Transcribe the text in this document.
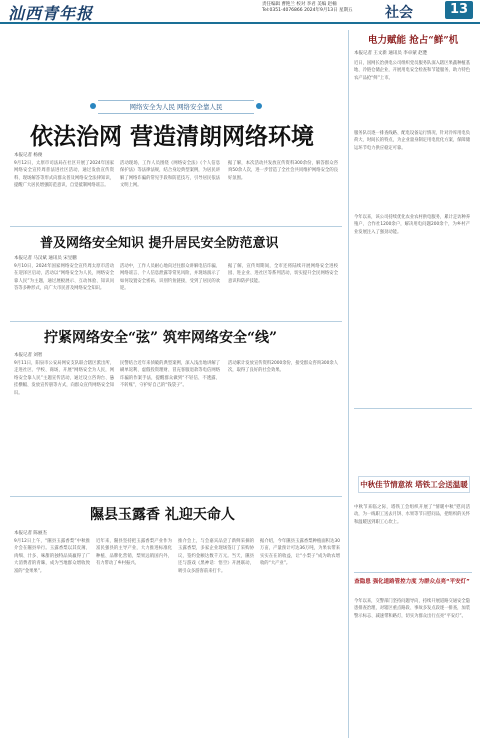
汕西青年报	责任编辑 曹艳兰 校对 李君 美编 赵楠
Tel:0351-4076866 2024年9月13日 星期五	社会	13
网络安全为人民 网络安全靠人民
依法治网 营造清朗网络环境
本报记者 杨俊
9月12日，太原市司法局在社区开展了2024年国家网络安全宣传周普法进社区活动，通过发放宣传资料、现场解答等形式向群众普及网络安全法律知识，提醒广大居民增强防范意识，自觉抵制网络谣言。
活动现场，工作人员围绕《网络安全法》《个人信息保护法》等法律法规，结合身边典型案例，为居民讲解了网络诈骗的常见手段和防范技巧，引导居民依法文明上网。
据了解，本次活动共发放宣传资料300余份，解答群众咨询50余人次，进一步营造了全社会共同维护网络安全的良好氛围。
普及网络安全知识 提升居民安全防范意识
本报记者 马汉斌 通讯员 宋昱鹏
9月10日，2024年国家网络安全宣传周太原市活动在迎泽区启动，活动以“网络安全为人民，网络安全靠人民”为主题，通过展板展示、互动体验、知识问答等多种形式，向广大市民普及网络安全知识。
活动中，工作人员耐心地向过往群众讲解电信诈骗、网络谣言、个人信息泄露等常见风险，并现场演示了如何设置安全密码、识别钓鱼链接，受到了居民的欢迎。
据了解，宣传周期间，全市还将陆续开展网络安全进校园、进企业、进社区等系列活动，切实提升全民网络安全意识和防护技能。
拧紧网络安全“弦” 筑牢网络安全“线”
本报记者 刘智
9月11日，阳泉市公安局网安支队联合辖区派出所，走进社区、学校、商场，开展“网络安全为人民，网络安全靠人民”主题宣传活动，通过设立咨询台、悬挂横幅、发放宣传册等方式，向群众宣传网络安全知识。
民警结合近年来侦破的典型案例，深入浅出地讲解了刷单返利、虚假投资理财、冒充客服退款等电信网络诈骗的作案手法，提醒群众做到“不轻信、不透露、不转账”，守护好自己的“钱袋子”。
活动累计发放宣传资料2000余份，接受群众咨询300余人次，取得了良好的社会效果。
隰县玉露香 礼迎天命人
本报记者 陈丽杰
9月12日上午，“隰县玉露香梨”中秋推介会在隰县举行。玉露香梨以其皮薄、肉细、汁多、味甜的独特品质赢得了广大消费者的青睐，成为当地群众增收致富的“金果果”。
近年来，隰县坚持把玉露香梨产业作为富民强县的主导产业，大力推进标准化种植、品牌化营销，梨果远销国内外，有力带动了乡村振兴。
推介会上，与会嘉宾品尝了新鲜采摘的玉露香梨，多家企业现场签订了采购协议，签约金额达数千万元。当天，隰县还与游戏《黑神话：悟空》开展联动，吸引众多游客前来打卡。
据介绍，今年隰县玉露香梨种植面积达30万亩，产量预计可达36万吨，为果农带来实实在在的收益，让“小梨子”成为助农增收的“大产业”。
电力赋能 抢占“鲜”机
本报记者 王文新 通讯员 李卓蒙 赵楚
近日，国网长治供电公司组织党员服务队深入辖区果蔬种植基地、冷链仓储企业，开展用电安全检查和节能服务，助力特色农产品抢“鲜”上市。
服务队员逐一排查线路、配电设备运行情况，针对冷库用电负荷大、时间长的特点，为企业量身制定用电优化方案，保障储运环节电力供应稳定可靠。
今年以来，该公司持续优化农业农村供电服务，累计走访种养殖户、合作社1200余户，解决用电问题200余个，为乡村产业发展注入了强劲动能。
中秋佳节情意浓 塔铁工会送温暖
中秋节来临之际，塔铁工会组织开展了“情暖中秋”慰问活动，为一线职工送去月饼、水果等节日慰问品，把组织的关怀和温暖送到职工心坎上。
查隐患 强化道路管控力度 为群众点亮“平安灯”
今年以来，交警部门坚持问题导向，持续开展道路交通安全隐患排查治理，对辖区重点路段、事故多发点段逐一排查，加装警示标志、减速带和路灯，切实为群众出行点亮“平安灯”。
